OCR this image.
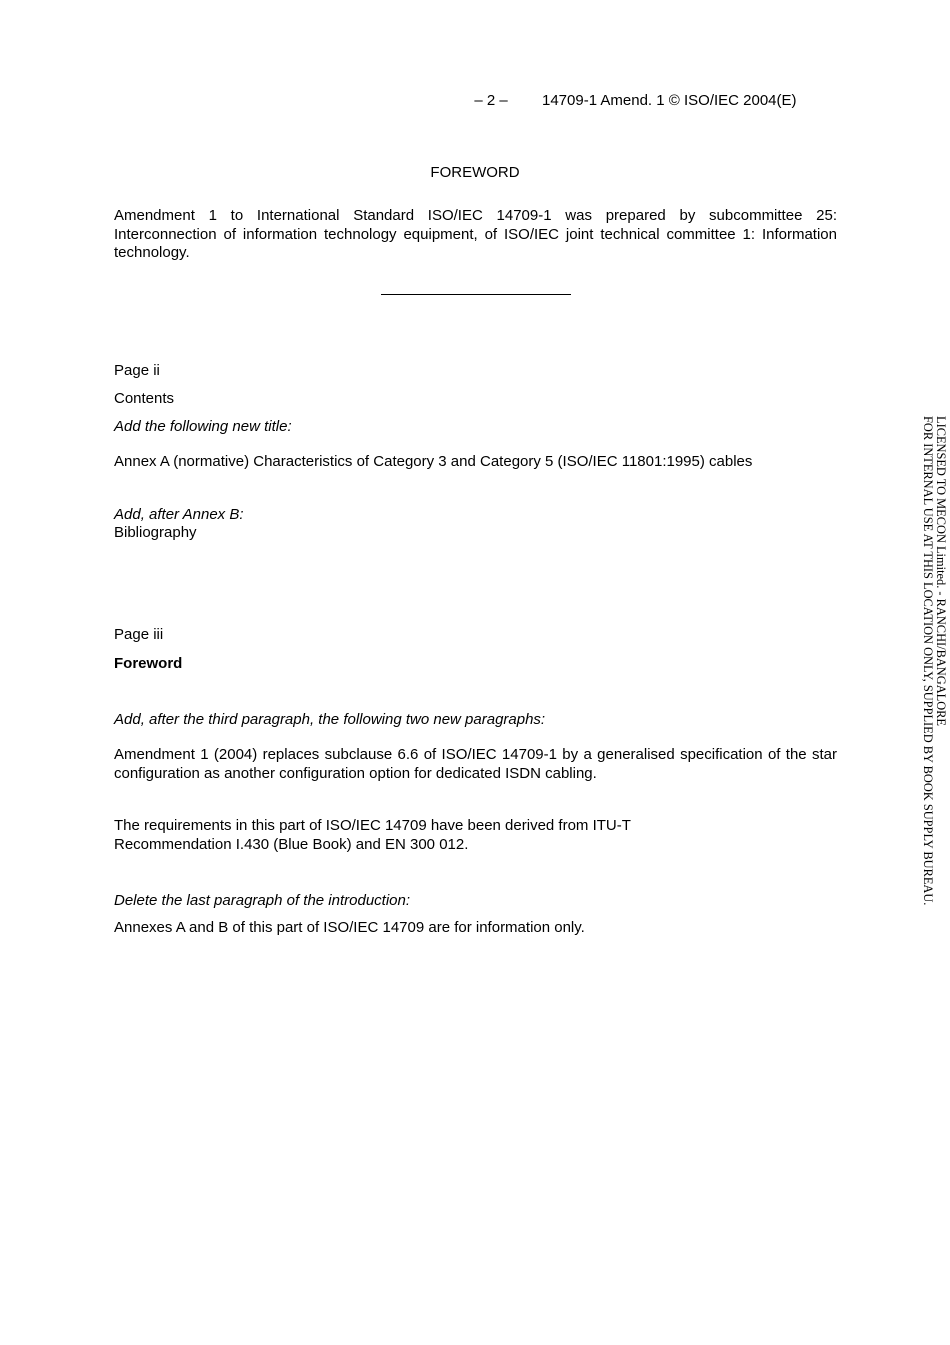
– 2 – 14709-1 Amend. 1 © ISO/IEC 2004(E)
FOREWORD

Amendment 1 to International Standard ISO/IEC 14709-1 was prepared by subcommittee 25: Interconnection of information technology equipment, of ISO/IEC joint technical committee 1: Information technology.

Page ii
Contents
Add the following new title:

Annex A (normative) Characteristics of Category 3 and Category 5 (ISO/IEC 11801:1995) cables

Add, after Annex B:
Bibliography
Page iii
Foreword
Add, after the third paragraph, the following two new paragraphs:

Amendment 1 (2004) replaces subclause 6.6 of ISO/IEC 14709-1 by a generalised specification of the star configuration as another configuration option for dedicated ISDN cabling.

The requirements in this part of ISO/IEC 14709 have been derived from ITU-T
Recommendation I.430 (Blue Book) and EN 300 012.
Delete the last paragraph of the introduction:
Annexes A and B of this part of ISO/IEC 14709 are for information only.
LICENSED TO MECON Limited. - RANCHI/BANGALORE
FOR INTERNAL USE AT THIS LOCATION ONLY, SUPPLIED BY BOOK SUPPLY BUREAU.
